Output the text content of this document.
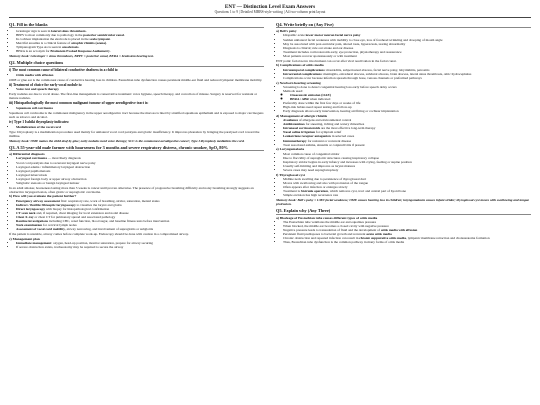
ENT — Distinction Level Exam Answers
Questions 1 to 9 | Detailed MBBS-style writing | A4 two-column print layout
Q1. Fill in the blanks
• Griesinger sign is seen in lateral sinus thrombosis.
• BPPV is most commonly due to pathology in the posterior semicircular canal.
• In cochlear implantation the electrode is placed in the scala tympani.
• Merciful anosmia is a clinical feature of atrophic rhinitis (ozena).
• Tympanogram Type As is seen in otosclerosis.
• BERA is an acronym for Brainstem Evoked Response Audiometry.
Memory hook: Griesinger = sinus thrombosis, BPPV = posterior canal, BERA = brainstem hearing test.
Q2. Multiple choice questions
i) The most common cause of bilateral conductive deafness in a child is:
• Otitis media with effusion

OME or glue ear is the commonest cause of conductive hearing loss in children. Eustachian tube dysfunction causes persistent middle-ear fluid and reduced tympanic membrane mobility.

ii) Treatment of choice for early vocal nodule is:
• Voice rest and speech therapy

Early nodules are due to vocal abuse. The first-line management is conservative treatment: voice hygiene, speech therapy, and correction of misuse. Surgery is reserved for resistant or mature nodules.

iii) Histopathologically the most common malignant tumour of upper aerodigestive tract is:
• Squamous cell carcinoma

Squamous cell carcinoma is the commonest malignancy in the upper aerodigestive tract because the mucosa is lined by stratified squamous epithelium and is exposed to major carcinogens such as tobacco and alcohol.

iv) Type 1 Isshiki thyroplasty indicates:
• Medialization of the vocal cord

Type I thyroplasty is a medialization procedure used mainly for unilateral vocal cord paralysis and glottic insufficiency. It improves phonation by bringing the paralysed cord toward the midline.

Memory hook: OME makes the child deaf by glue; early nodules need voice therapy; SCC is the commonest aerodigestive cancer; Type I thyroplasty medializes the cord.
Q3. A 55-year-old male farmer with hoarseness for 3 months and severe respiratory distress, chronic smoker, SpO₂ 80%
a) Differential diagnosis
• Laryngeal carcinoma — most likely diagnosis
• Vocal cord paralysis due to recurrent laryngeal nerve palsy
• Laryngeal edema / inflammatory laryngeal obstruction
• Laryngeal papillomatosis
• Laryngeal tuberculosis
• Laryngeal foreign body or upper airway obstruction
• Subglottic stenosis or benign laryngeal tumour

In an adult smoker, hoarseness lasting more than 3 weeks is cancer until proven otherwise. The presence of progressive breathing difficulty and noisy breathing strongly suggests an obstructive laryngeal lesion, often glottic or supraglottic carcinoma.

b) How will you evaluate the patient further?
• Emergency airway assessment first: respiratory rate, work of breathing, stridor, saturation, mental status
• Indirect / flexible fibreoptic laryngoscopy to visualize the larynx and glottis
• Direct laryngoscopy with biopsy for histopathological confirmation
• CT scan neck and, if required, chest imaging for local extension and nodal disease
• Chest X-ray or chest CT for pulmonary spread and associated pathology
• Routine investigations including CBC, renal function, blood sugar, and baseline fitness tests before intervention
• Neck examination for cervical lymph nodes
• Assessment of vocal cord mobility, airway narrowing, and involvement of supraglottis or subglottis

If the patient is unstable, airway comes before complete work-up. Endoscopy should be done with caution in a compromised airway.

c) Management plan
• Immediate management: oxygen, head-up position, monitor saturation, prepare for airway securing
• If severe obstruction exists, tracheostomy may be required to secure the airway
Q4. Write briefly on (Any Five)
a) Bell's palsy
• Idiopathic acute lower motor neuron facial nerve palsy
• Sudden unilateral facial weakness with inability to close eye, loss of forehead wrinkling and drooping of mouth angle
• May be associated with post-auricular pain, altered taste, hyperacusis, tearing abnormality
• Diagnosis is clinical; rule out stroke and ear disease
• Treatment includes corticosteroids early, eye protection, physiotherapy and reassurance
• Most patients recover spontaneously or with treatment

ENT point: facial nerve involvement can occur after viral reactivation in the facial canal.

b) Complications of otitis media
• Intratemporal complications: mastoiditis, subperiosteal abscess, facial nerve palsy, labyrinthitis, petrositis
• Intracranial complications: meningitis, extradural abscess, subdural abscess, brain abscess, lateral sinus thrombosis, otitic hydrocephalus
• Complications occur because infection spreads through bone, venous channels or preformed pathways
c) Newborn hearing screening
• Screening is done to detect congenital hearing loss early before speech delay occurs
• Methods used:
◦ Otoacoustic emission (OAE)
◦ BERA / ABR when indicated
• Preferably done within the first few days or weeks of life
• High-risk babies need repeat testing and follow-up
• Early diagnosis allows early intervention, hearing aid fitting or cochlear implantation
d) Management of allergic rhinitis
• Avoidance of allergens and environmental control
• Antihistamines for sneezing, itching and watery rhinorrhea
• Intranasal corticosteroids are the most effective long-term therapy
• Nasal saline irrigation for symptom relief
• Leukotriene receptor antagonists in selected cases
• Immunotherapy for resistant or recurrent disease
• Treat associated asthma, sinusitis or conjunctivitis if present
e) Laryngomalacia
• Most common cause of congenital stridor
• Due to flaccidity of supraglottic structures causing inspiratory collapse
• Inspiratory stridor begins in early infancy and increases with crying, feeding or supine position
• Usually self-limiting and improves as larynx matures
• Severe cases may need supraglottoplasty
f) Thyroglossal cyst
• Midline neck swelling due to persistence of thyroglossal duct
• Moves with swallowing and also with protrusion of the tongue
• Often appears after infection or enlarges slowly
• Treatment is Sistrunk operation, which removes cyst, tract and central part of hyoid bone
• Simple excision has high recurrence rate
Memory hook: Bell's palsy = LMN facial weakness; OME causes hearing loss in children; laryngomalacia causes infant stridor; thyroglossal cyst moves with swallowing and tongue protrusion.
Q5. Explain why (Any Three)
a) Blockage of Eustachian tube causes different types of otitis media
• The Eustachian tube ventilates the middle ear and equalizes pressure
• When blocked, the middle ear becomes a closed cavity with negative pressure
• Negative pressure leads to transudation of fluid and the development of otitis media with effusion
• Persistent fluid predisposes to bacterial growth and recurrent acute otitis media
• Chronic obstruction and repeated infection can result in chronic suppurative otitis media, tympanic membrane retraction and cholesteatoma formation
• Thus, Eustachian tube dysfunction is the common pathway in many forms of otitis media
